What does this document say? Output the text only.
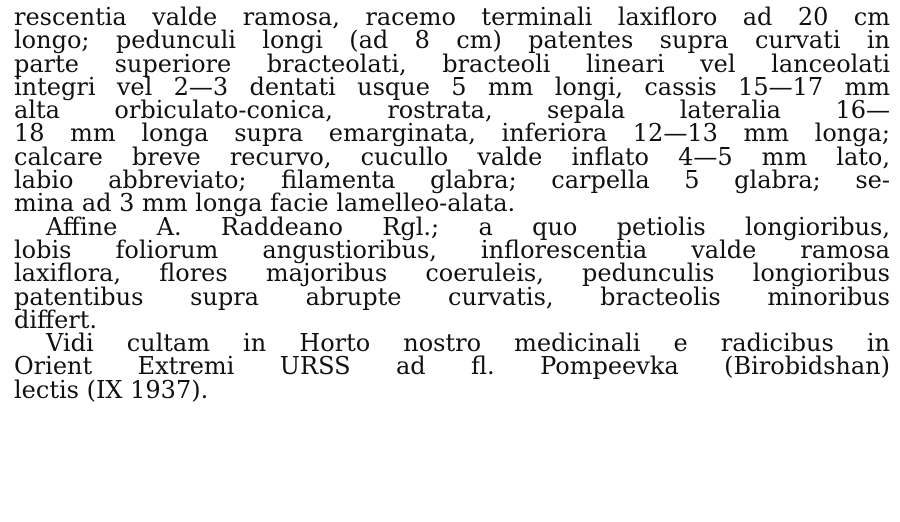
rescentia valde ramosa, racemo terminali laxifloro ad 20 cm
longo; pedunculi longi (ad 8 cm) patentes supra curvati in
parte superiore bracteolati, bracteoli lineari vel lanceolati
integri vel 2—3 dentati usque 5 mm longi, cassis 15—17 mm
alta orbiculato-conica, rostrata, sepala lateralia 16—
18 mm longa supra emarginata, inferiora 12—13 mm longa;
calcare breve recurvo, cucullo valde inflato 4—5 mm lato,
labio abbreviato; filamenta glabra; carpella 5 glabra; se-
mina ad 3 mm longa facie lamelleo-alata.
Affine A. Raddeano Rgl.; a quo petiolis longioribus,
lobis foliorum angustioribus, inflorescentia valde ramosa
laxiflora, flores majoribus coeruleis, pedunculis longioribus
patentibus supra abrupte curvatis, bracteolis minoribus
differt.
Vidi cultam in Horto nostro medicinali e radicibus in
Orient Extremi URSS ad fl. Pompeevka (Birobidshan)
lectis (IX 1937).
